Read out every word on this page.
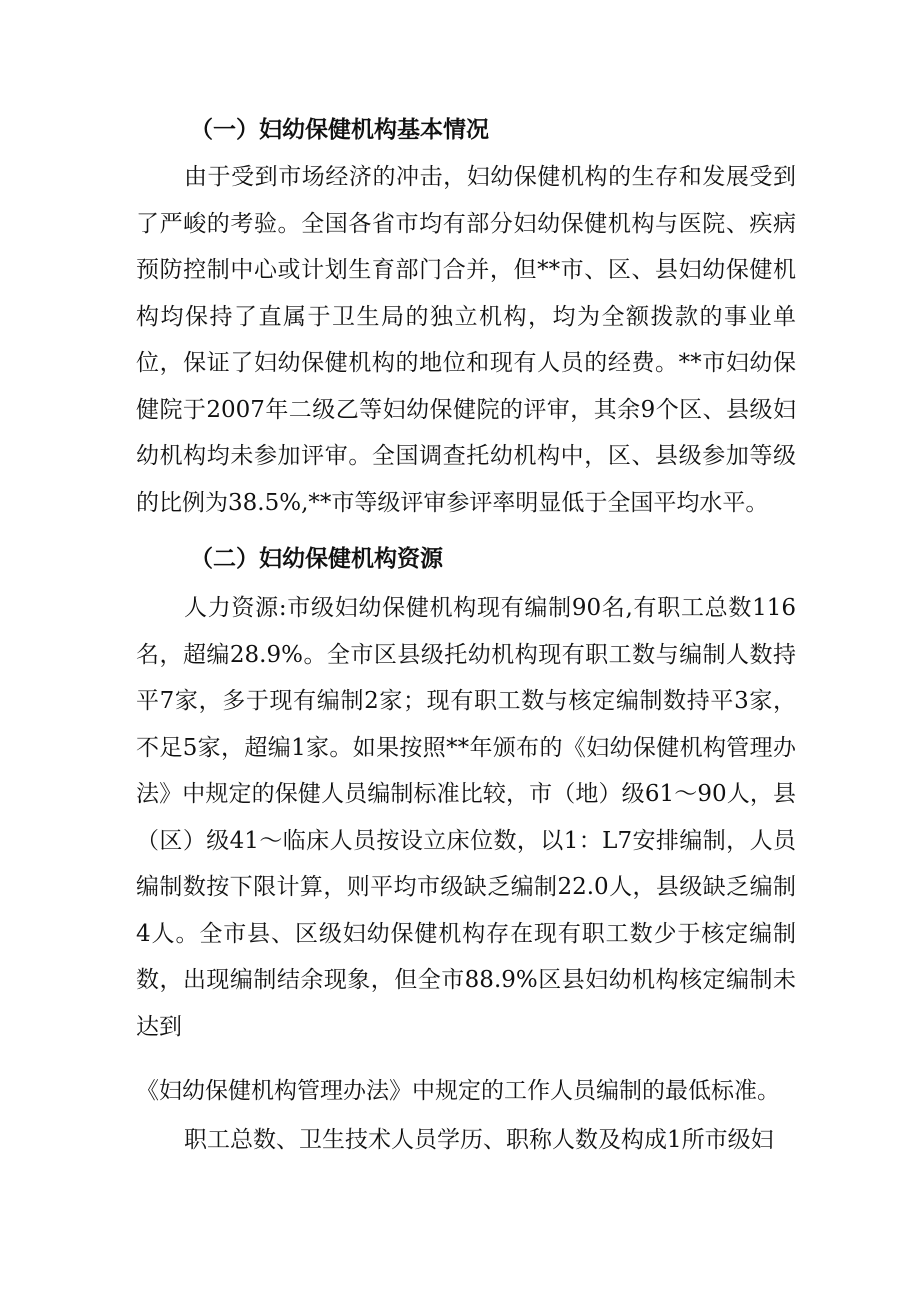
（一）妇幼保健机构基本情况
由于受到市场经济的冲击，妇幼保健机构的生存和发展受到了严峻的考验。全国各省市均有部分妇幼保健机构与医院、疾病预防控制中心或计划生育部门合并，但**市、区、县妇幼保健机构均保持了直属于卫生局的独立机构，均为全额拨款的事业单位，保证了妇幼保健机构的地位和现有人员的经费。**市妇幼保健院于2007年二级乙等妇幼保健院的评审，其余9个区、县级妇幼机构均未参加评审。全国调查托幼机构中，区、县级参加等级的比例为38.5%,**市等级评审参评率明显低于全国平均水平。
（二）妇幼保健机构资源
人力资源:市级妇幼保健机构现有编制90名,有职工总数116名，超编28.9%。全市区县级托幼机构现有职工数与编制人数持平7家，多于现有编制2家；现有职工数与核定编制数持平3家，不足5家，超编1家。如果按照**年颁布的《妇幼保健机构管理办法》中规定的保健人员编制标准比较，市（地）级61～90人，县（区）级41～临床人员按设立床位数，以1：L7安排编制，人员编制数按下限计算，则平均市级缺乏编制22.0人，县级缺乏编制4人。全市县、区级妇幼保健机构存在现有职工数少于核定编制数，出现编制结余现象，但全市88.9%区县妇幼机构核定编制未达到
《妇幼保健机构管理办法》中规定的工作人员编制的最低标准。
职工总数、卫生技术人员学历、职称人数及构成1所市级妇
